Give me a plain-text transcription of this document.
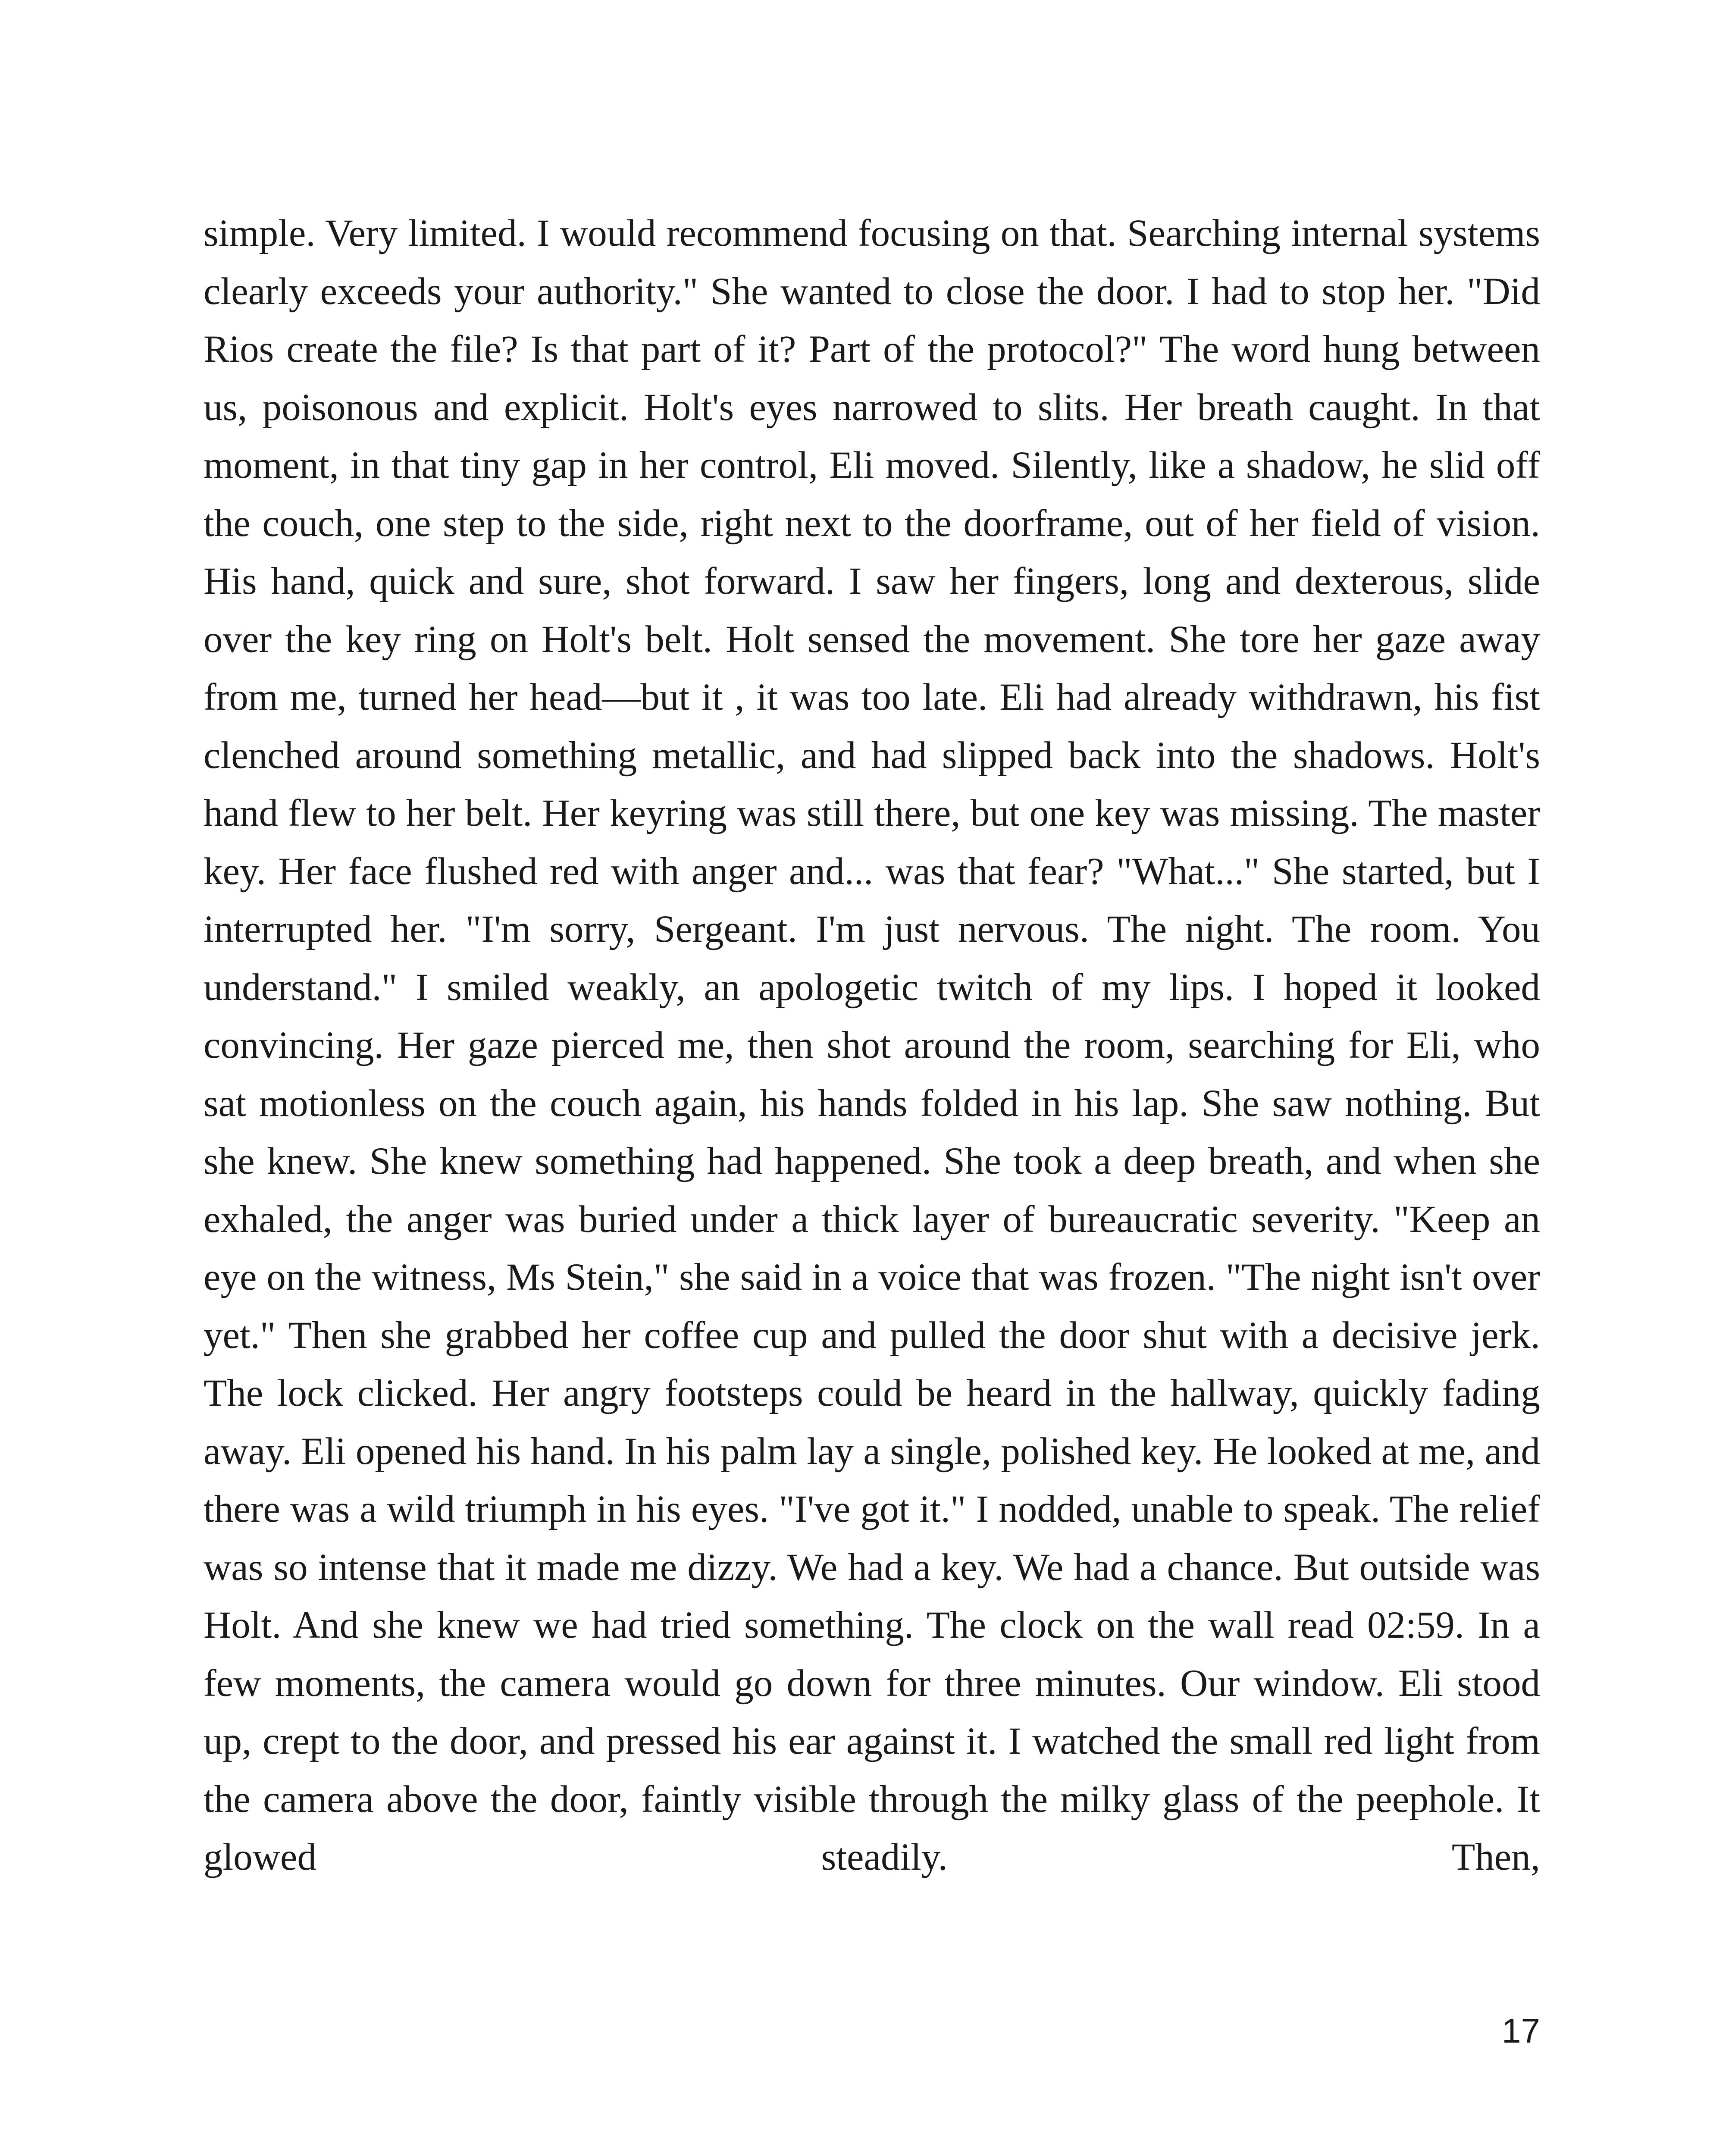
simple. Very limited. I would recommend focusing on that. Searching internal systems clearly exceeds your authority." She wanted to close the door. I had to stop her. "Did Rios create the file? Is that part of it? Part of the protocol?" The word hung between us, poisonous and explicit. Holt's eyes narrowed to slits. Her breath caught. In that moment, in that tiny gap in her control, Eli moved. Silently, like a shadow, he slid off the couch, one step to the side, right next to the doorframe, out of her field of vision. His hand, quick and sure, shot forward. I saw her fingers, long and dexterous, slide over the key ring on Holt's belt. Holt sensed the movement. She tore her gaze away from me, turned her head—but it , it was too late. Eli had already withdrawn, his fist clenched around something metallic, and had slipped back into the shadows. Holt's hand flew to her belt. Her keyring was still there, but one key was missing. The master key. Her face flushed red with anger and... was that fear? "What..." She started, but I interrupted her. "I'm sorry, Sergeant. I'm just nervous. The night. The room. You understand." I smiled weakly, an apologetic twitch of my lips. I hoped it looked convincing. Her gaze pierced me, then shot around the room, searching for Eli, who sat motionless on the couch again, his hands folded in his lap. She saw nothing. But she knew. She knew something had happened. She took a deep breath, and when she exhaled, the anger was buried under a thick layer of bureaucratic severity. "Keep an eye on the witness, Ms Stein," she said in a voice that was frozen. "The night isn't over yet." Then she grabbed her coffee cup and pulled the door shut with a decisive jerk. The lock clicked. Her angry footsteps could be heard in the hallway, quickly fading away. Eli opened his hand. In his palm lay a single, polished key. He looked at me, and there was a wild triumph in his eyes. "I've got it." I nodded, unable to speak. The relief was so intense that it made me dizzy. We had a key. We had a chance. But outside was Holt. And she knew we had tried something. The clock on the wall read 02:59. In a few moments, the camera would go down for three minutes. Our window. Eli stood up, crept to the door, and pressed his ear against it. I watched the small red light from the camera above the door, faintly visible through the milky glass of the peephole. It glowed steadily. Then,

17
